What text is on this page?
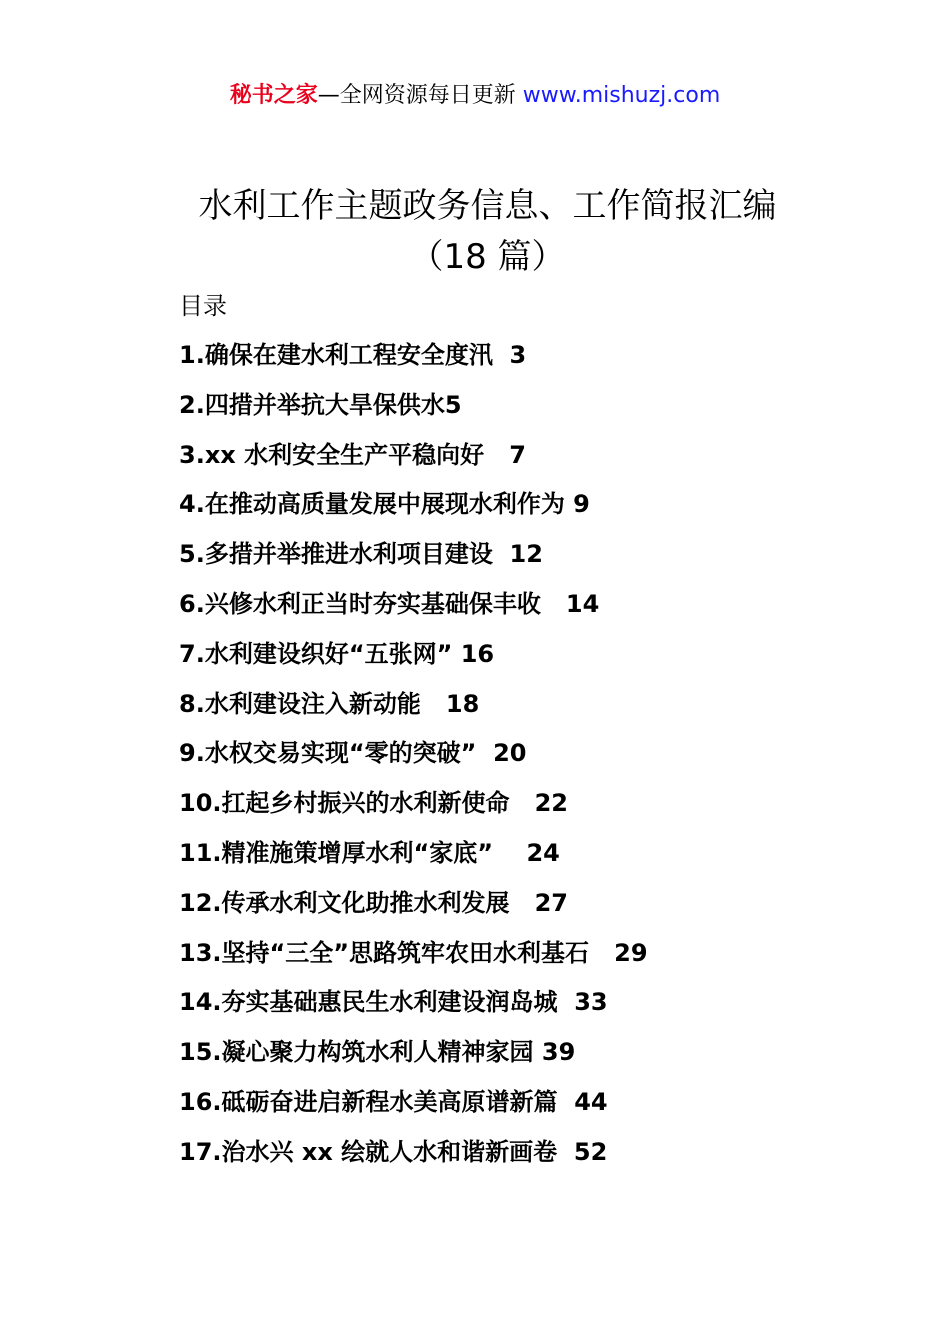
秘书之家—全网资源每日更新 www.mishuzj.com
水利工作主题政务信息、工作简报汇编
（18 篇）
目录
1.确保在建水利工程安全度汛  3
2.四措并举抗大旱保供水5
3.xx 水利安全生产平稳向好   7
4.在推动高质量发展中展现水利作为 9
5.多措并举推进水利项目建设  12
6.兴修水利正当时夯实基础保丰收   14
7.水利建设织好“五张网” 16
8.水利建设注入新动能   18
9.水权交易实现“零的突破”  20
10.扛起乡村振兴的水利新使命   22
11.精准施策增厚水利“家底”    24
12.传承水利文化助推水利发展   27
13.坚持“三全”思路筑牢农田水利基石   29
14.夯实基础惠民生水利建设润岛城  33
15.凝心聚力构筑水利人精神家园 39
16.砥砺奋进启新程水美高原谱新篇  44
17.治水兴 xx 绘就人水和谐新画卷  52
